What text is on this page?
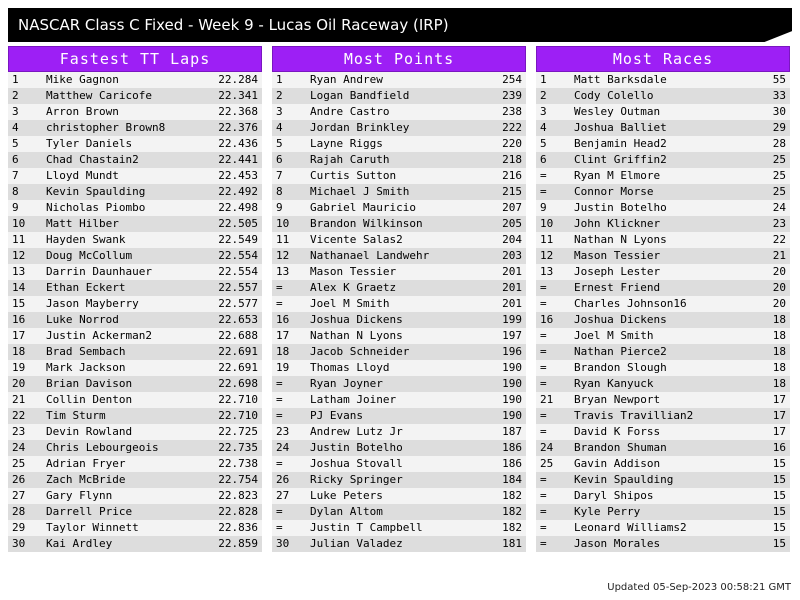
NASCAR Class C Fixed - Week 9 - Lucas Oil Raceway (IRP)
Fastest TT Laps
1	Mike Gagnon	22.284
2	Matthew Caricofe	22.341
3	Arron Brown	22.368
4	christopher Brown8	22.376
5	Tyler Daniels	22.436
6	Chad Chastain2	22.441
7	Lloyd Mundt	22.453
8	Kevin Spaulding	22.492
9	Nicholas Piombo	22.498
10	Matt Hilber	22.505
11	Hayden Swank	22.549
12	Doug McCollum	22.554
13	Darrin Daunhauer	22.554
14	Ethan Eckert	22.557
15	Jason Mayberry	22.577
16	Luke Norrod	22.653
17	Justin Ackerman2	22.688
18	Brad Sembach	22.691
19	Mark Jackson	22.691
20	Brian Davison	22.698
21	Collin Denton	22.710
22	Tim Sturm	22.710
23	Devin Rowland	22.725
24	Chris Lebourgeois	22.735
25	Adrian Fryer	22.738
26	Zach McBride	22.754
27	Gary Flynn	22.823
28	Darrell Price	22.828
29	Taylor Winnett	22.836
30	Kai Ardley	22.859
Most Points
1	Ryan Andrew	254
2	Logan Bandfield	239
3	Andre Castro	238
4	Jordan Brinkley	222
5	Layne Riggs	220
6	Rajah Caruth	218
7	Curtis Sutton	216
8	Michael J Smith	215
9	Gabriel Mauricio	207
10	Brandon Wilkinson	205
11	Vicente Salas2	204
12	Nathanael Landwehr	203
13	Mason Tessier	201
=	Alex K Graetz	201
=	Joel M Smith	201
16	Joshua Dickens	199
17	Nathan N Lyons	197
18	Jacob Schneider	196
19	Thomas Lloyd	190
=	Ryan Joyner	190
=	Latham Joiner	190
=	PJ Evans	190
23	Andrew Lutz Jr	187
24	Justin Botelho	186
=	Joshua Stovall	186
26	Ricky Springer	184
27	Luke Peters	182
=	Dylan Altom	182
=	Justin T Campbell	182
30	Julian Valadez	181
Most Races
1	Matt Barksdale	55
2	Cody Colello	33
3	Wesley Outman	30
4	Joshua Balliet	29
5	Benjamin Head2	28
6	Clint Griffin2	25
=	Ryan M Elmore	25
=	Connor Morse	25
9	Justin Botelho	24
10	John Klickner	23
11	Nathan N Lyons	22
12	Mason Tessier	21
13	Joseph Lester	20
=	Ernest Friend	20
=	Charles Johnson16	20
16	Joshua Dickens	18
=	Joel M Smith	18
=	Nathan Pierce2	18
=	Brandon Slough	18
=	Ryan Kanyuck	18
21	Bryan Newport	17
=	Travis Travillian2	17
=	David K Forss	17
24	Brandon Shuman	16
25	Gavin Addison	15
=	Kevin Spaulding	15
=	Daryl Shipos	15
=	Kyle Perry	15
=	Leonard Williams2	15
=	Jason Morales	15
Updated 05-Sep-2023 00:58:21 GMT
